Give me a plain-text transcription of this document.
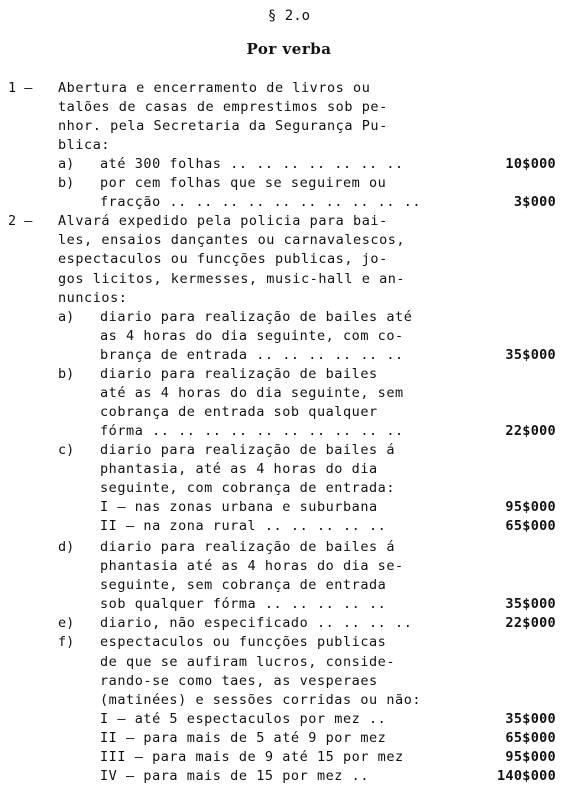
§ 2.o
Por verba
1 — Abertura e encerramento de livros ou
talões de casas de emprestimos sob pe-
nhor. pela Secretaria da Segurança Pu-
blica:
a) até 300 folhas .. .. .. .. .. .. ..	10$000
b) por cem folhas que se seguirem ou
fracção .. .. .. .. .. .. .. .. .. ..	3$000
2 — Alvará expedido pela policia para bai-
les, ensaios dançantes ou carnavalescos,
espectaculos ou funcções publicas, jo-
gos licitos, kermesses, music-hall e an-
nuncios:
a) diario para realização de bailes até
as 4 horas do dia seguinte, com co-
brança de entrada .. .. .. .. .. ..	35$000
b) diario para realização de bailes
até as 4 horas do dia seguinte, sem
cobrança de entrada sob qualquer
fórma .. .. .. .. .. .. .. .. .. ..	22$000
c) diario para realização de bailes á
phantasia, até as 4 horas do dia
seguinte, com cobrança de entrada:
I — nas zonas urbana e suburbana	95$000
II — na zona rural .. .. .. .. ..	65$000
d) diario para realização de bailes á
phantasia até as 4 horas do dia se-
seguinte, sem cobrança de entrada
sob qualquer fórma .. .. .. .. ..	35$000
e) diario, não especificado .. .. .. ..	22$000
f) espectaculos ou funcções publicas
de que se aufiram lucros, conside-
rando-se como taes, as vesperaes
(matinées) e sessões corridas ou não:
I — até 5 espectaculos por mez ..	35$000
II — para mais de 5 até 9 por mez	65$000
III — para mais de 9 até 15 por mez	95$000
IV — para mais de 15 por mez ..	140$000
